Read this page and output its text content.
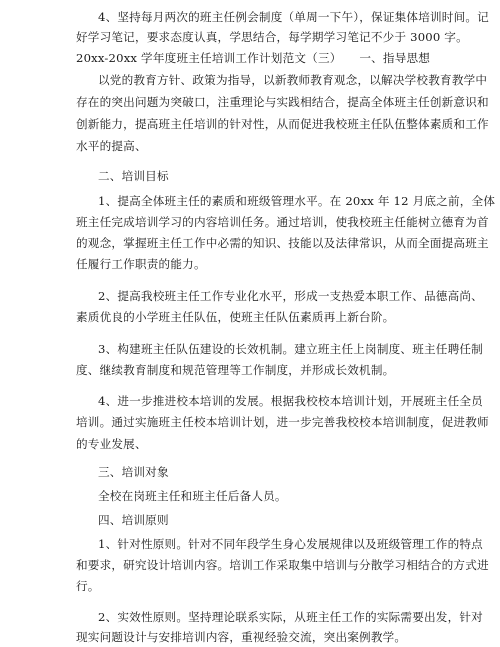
4、坚持每月两次的班主任例会制度（单周一下午），保证集体培训时间。记
好学习笔记，要求态度认真，学思结合，每学期学习笔记不少于 3000 字。
20xx-20xx 学年度班主任培训工作计划范文（三）　　一、指导思想
以党的教育方针、政策为指导，以新教师教育观念，以解决学校教育教学中
存在的突出问题为突破口，注重理论与实践相结合，提高全体班主任创新意识和
创新能力，提高班主任培训的针对性，从而促进我校班主任队伍整体素质和工作
水平的提高、
二、培训目标
1、提高全体班主任的素质和班级管理水平。在 20xx 年 12 月底之前，全体
班主任完成培训学习的内容培训任务。通过培训，使我校班主任能树立德育为首
的观念，掌握班主任工作中必需的知识、技能以及法律常识，从而全面提高班主
任履行工作职责的能力。
2、提高我校班主任工作专业化水平，形成一支热爱本职工作、品德高尚、
素质优良的小学班主任队伍，使班主任队伍素质再上新台阶。
3、构建班主任队伍建设的长效机制。建立班主任上岗制度、班主任聘任制
度、继续教育制度和规范管理等工作制度，并形成长效机制。
4、进一步推进校本培训的发展。根据我校校本培训计划，开展班主任全员
培训。通过实施班主任校本培训计划，进一步完善我校校本培训制度，促进教师
的专业发展、
三、培训对象
全校在岗班主任和班主任后备人员。
四、培训原则
1、针对性原则。针对不同年段学生身心发展规律以及班级管理工作的特点
和要求，研究设计培训内容。培训工作采取集中培训与分散学习相结合的方式进
行。
2、实效性原则。坚持理论联系实际，从班主任工作的实际需要出发，针对
现实问题设计与安排培训内容，重视经验交流，突出案例教学。
